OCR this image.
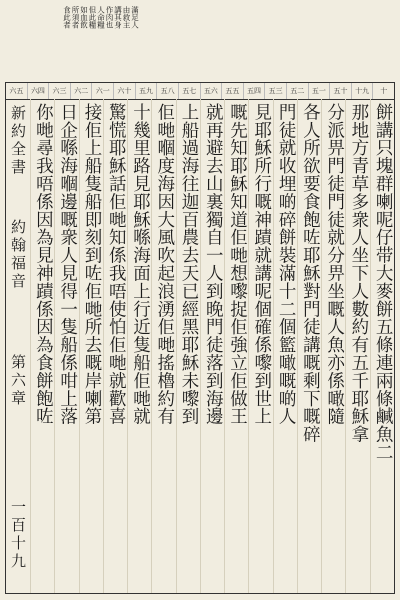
滿足人
由救主
講其身
作肉也
人命糧
但此糧
如血飲
所須者
食此者
十
十九
五十
五一
五二
五三
五四
五五
五六
五七
五八
五九
六十
六一
六二
六三
六四
六五
新約全書
約翰福音
第六章
一百十九
餅講只塊群喇呢仔带大麥餅五條連兩條鹹魚二
那地方青草多衆人坐下人數約有五千耶穌拿
分派畀門徒門徒就分畀坐嘅人魚亦係噉隨
各人所欲要食飽咗耶穌對門徒講嘅剩下嘅碎
門徒就收埋啲碎餅裝滿十二個籃噉嘅啲人
見耶穌所行嘅神蹟就講呢個確係嚟到世上
嘅先知耶穌知道佢哋想嚟捉佢強立佢做王
就再避去山裏獨自一人到晚門徒落到海邊
上船過海往迦百農去天已經黑耶穌未嚟到
佢哋嗰度海因大風吹起浪湧佢哋搖櫓約有
十幾里路見耶穌喺海面上行近隻船佢哋就
驚慌耶穌話佢哋知係我唔使怕佢哋就歡喜
接佢上船隻船即刻到咗佢哋所去嘅岸喇第
日企喺海嗰邊嘅衆人見得一隻船係咁上落
你哋尋我唔係因為見神蹟係因為食餅飽咗
